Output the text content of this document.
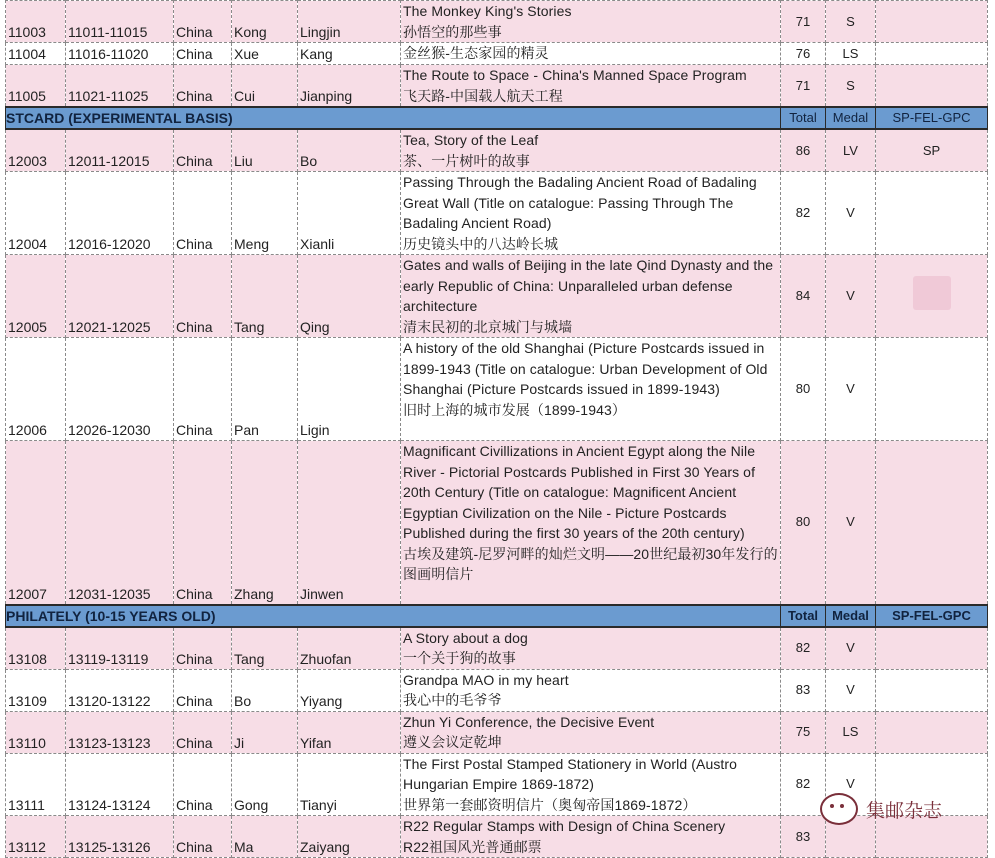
11003	11011-11015	China	Kong	Lingjin	The Monkey King's Stories
孙悟空的那些事	71	S	
11004	11016-11020	China	Xue	Kang	金丝猴-生态家园的精灵	76	LS	
11005	11021-11025	China	Cui	Jianping	The Route to Space - China's Manned Space Program
飞天路-中国载人航天工程	71	S	
STCARD (EXPERIMENTAL BASIS)						Total	Medal	SP-FEL-GPC
12003	12011-12015	China	Liu	Bo	Tea, Story of the Leaf
茶、一片树叶的故事	86	LV	SP
12004	12016-12020	China	Meng	Xianli	Passing Through the Badaling Ancient Road of Badaling Great Wall (Title on catalogue: Passing Through The Badaling Ancient Road)
历史镜头中的八达岭长城	82	V	
12005	12021-12025	China	Tang	Qing	Gates and walls of Beijing in the late Qind Dynasty and the early Republic of China: Unparalleled urban defense architecture
清末民初的北京城门与城墙	84	V	
12006	12026-12030	China	Pan	Ligin	A history of the old Shanghai (Picture Postcards issued in 1899-1943 (Title on catalogue: Urban Development of Old Shanghai (Picture Postcards issued in 1899-1943)
旧时上海的城市发展（1899-1943）	80	V	
12007	12031-12035	China	Zhang	Jinwen	Magnificant Civillizations in Ancient Egypt along the Nile River - Pictorial Postcards Published in First 30 Years of 20th Century (Title on catalogue: Magnificent Ancient Egyptian Civilization on the Nile - Picture Postcards Published during the first 30 years of the 20th century)
古埃及建筑-尼罗河畔的灿烂文明——20世纪最初30年发行的图画明信片	80	V	
PHILATELY (10-15 YEARS OLD)						Total	Medal	SP-FEL-GPC
13108	13119-13119	China	Tang	Zhuofan	A Story about a dog
一个关于狗的故事	82	V	
13109	13120-13122	China	Bo	Yiyang	Grandpa MAO in my heart
我心中的毛爷爷	83	V	
13110	13123-13123	China	Ji	Yifan	Zhun Yi Conference, the Decisive Event
遵义会议定乾坤	75	LS	
13111	13124-13124	China	Gong	Tianyi	The First Postal Stamped Stationery in World (Austro Hungarian Empire 1869-1872)
世界第一套邮资明信片（奥匈帝国1869-1872）	82	V	
13112	13125-13126	China	Ma	Zaiyang	R22 Regular Stamps with Design of China Scenery
R22祖国风光普通邮票	83		
集邮杂志
